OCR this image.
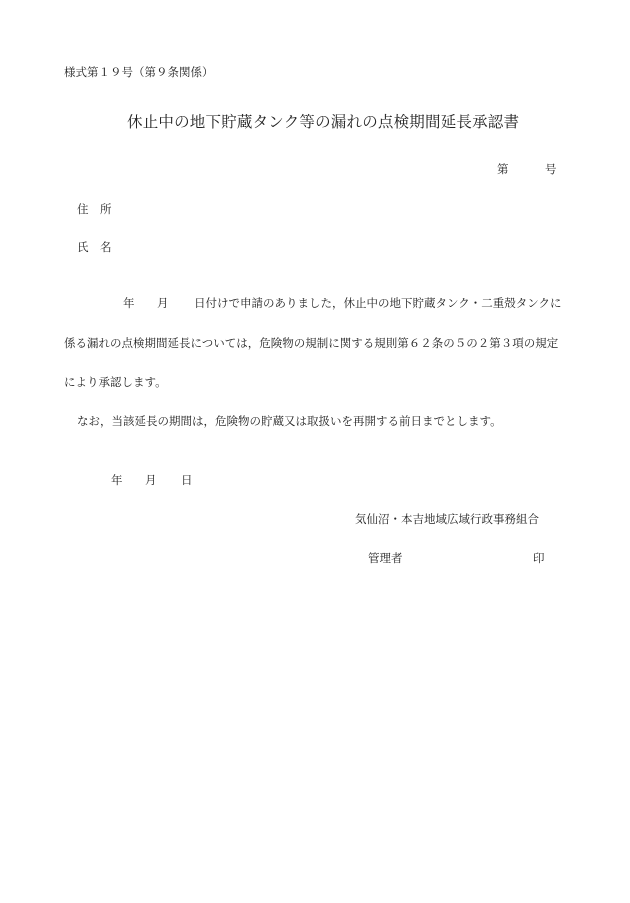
様式第１９号（第９条関係）
休止中の地下貯蔵タンク等の漏れの点検期間延長承認書
第	号
住　所
氏　名
年 月 日付けで申請のありました，休止中の地下貯蔵タンク・二重殻タンクに
係る漏れの点検期間延長については，危険物の規制に関する規則第６２条の５の２第３項の規定
により承認します。
なお，当該延長の期間は，危険物の貯蔵又は取扱いを再開する前日までとします。
年 月 日
気仙沼・本吉地域広域行政事務組合
管理者	印
